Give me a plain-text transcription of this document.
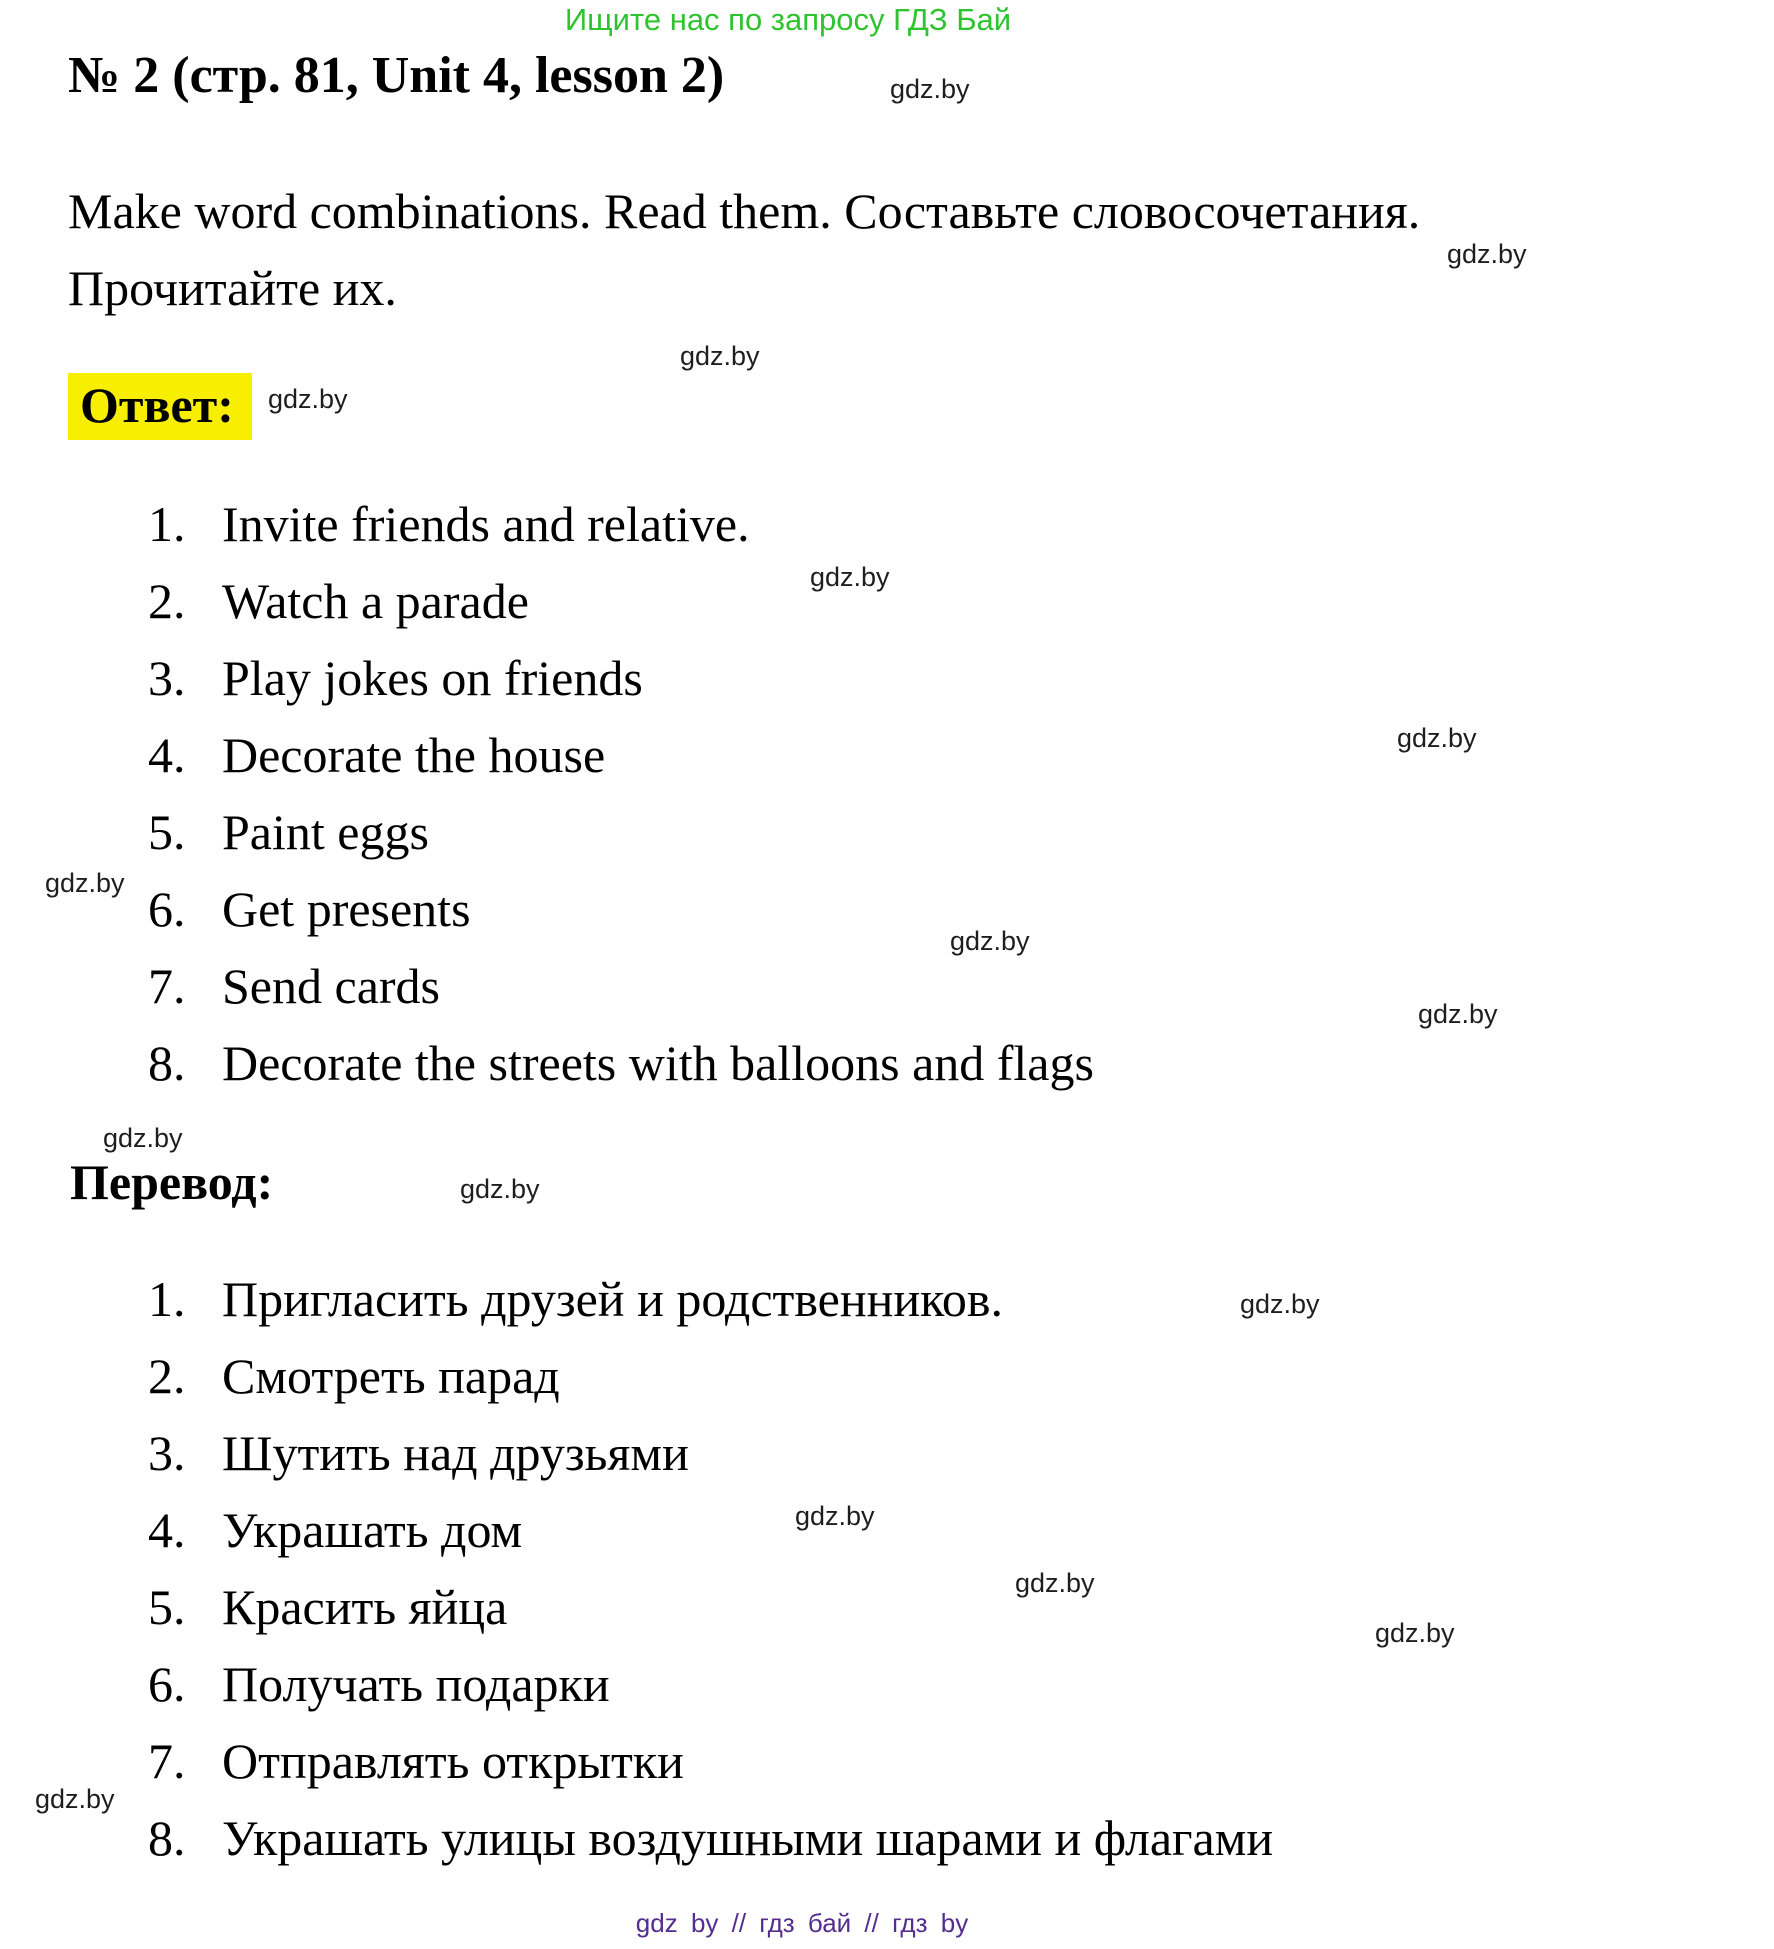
Ищите нас по запросу ГДЗ Бай
№ 2 (стр. 81, Unit 4, lesson 2)
Make word combinations. Read them. Составьте словосочетания.
Прочитайте их.
Ответ:
1. Invite friends and relative.
2. Watch a parade
3. Play jokes on friends
4. Decorate the house
5. Paint eggs
6. Get presents
7. Send cards
8. Decorate the streets with balloons and flags
Перевод:
1. Пригласить друзей и родственников.
2. Смотреть парад
3. Шутить над друзьями
4. Украшать дом
5. Красить яйца
6. Получать подарки
7. Отправлять открытки
8. Украшать улицы воздушными шарами и флагами
gdz.by
gdz.by
gdz.by
gdz.by
gdz.by
gdz.by
gdz.by
gdz.by
gdz.by
gdz.by
gdz.by
gdz.by
gdz.by
gdz.by
gdz.by
gdz.by
gdz by // гдз бай // гдз by
